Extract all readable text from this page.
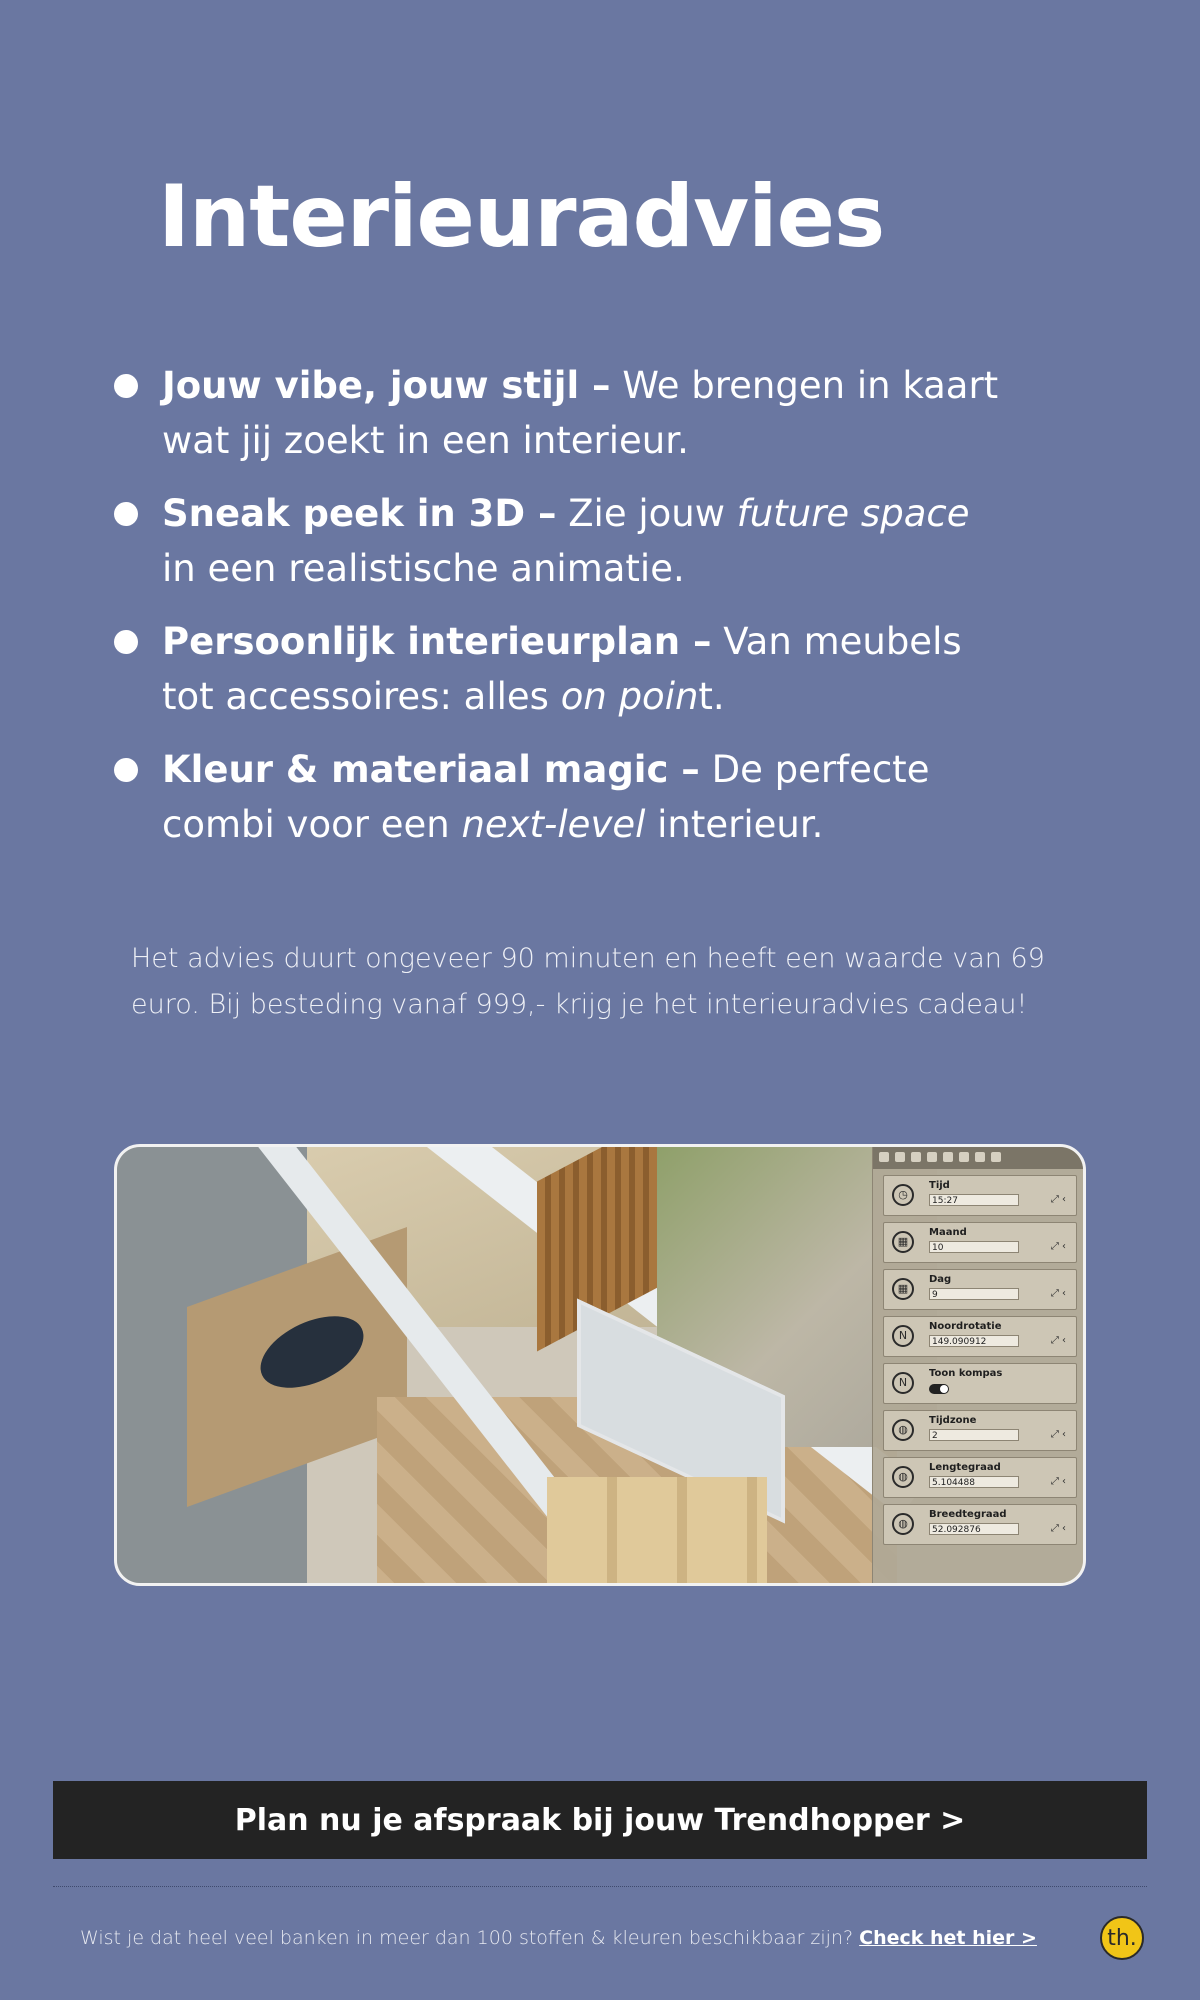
Interieuradvies
Jouw vibe, jouw stijl – We brengen in kaart wat jij zoekt in een interieur.
Sneak peek in 3D – Zie jouw future space in een realistische animatie.
Persoonlijk interieurplan – Van meubels tot accessoires: alles on point.
Kleur & materiaal magic – De perfecte combi voor een next-level interieur.

Het advies duurt ongeveer 90 minuten en heeft een waarde van 69 euro. Bij besteding vanaf 999,- krijg je het interieuradvies cadeau!

◷
Tijd
15:27	⤢ ‹
▦
Maand
10	⤢ ‹
▦
Dag
9	⤢ ‹
N
Noordrotatie
149.090912	⤢ ‹
N
Toon kompas
◍
Tijdzone
2	⤢ ‹
◍
Lengtegraad
5.104488	⤢ ‹
◍
Breedtegraad
52.092876	⤢ ‹
Plan nu je afspraak bij jouw Trendhopper >
Wist je dat heel veel banken in meer dan 100 stoffen & kleuren beschikbaar zijn? Check het hier >	th.
